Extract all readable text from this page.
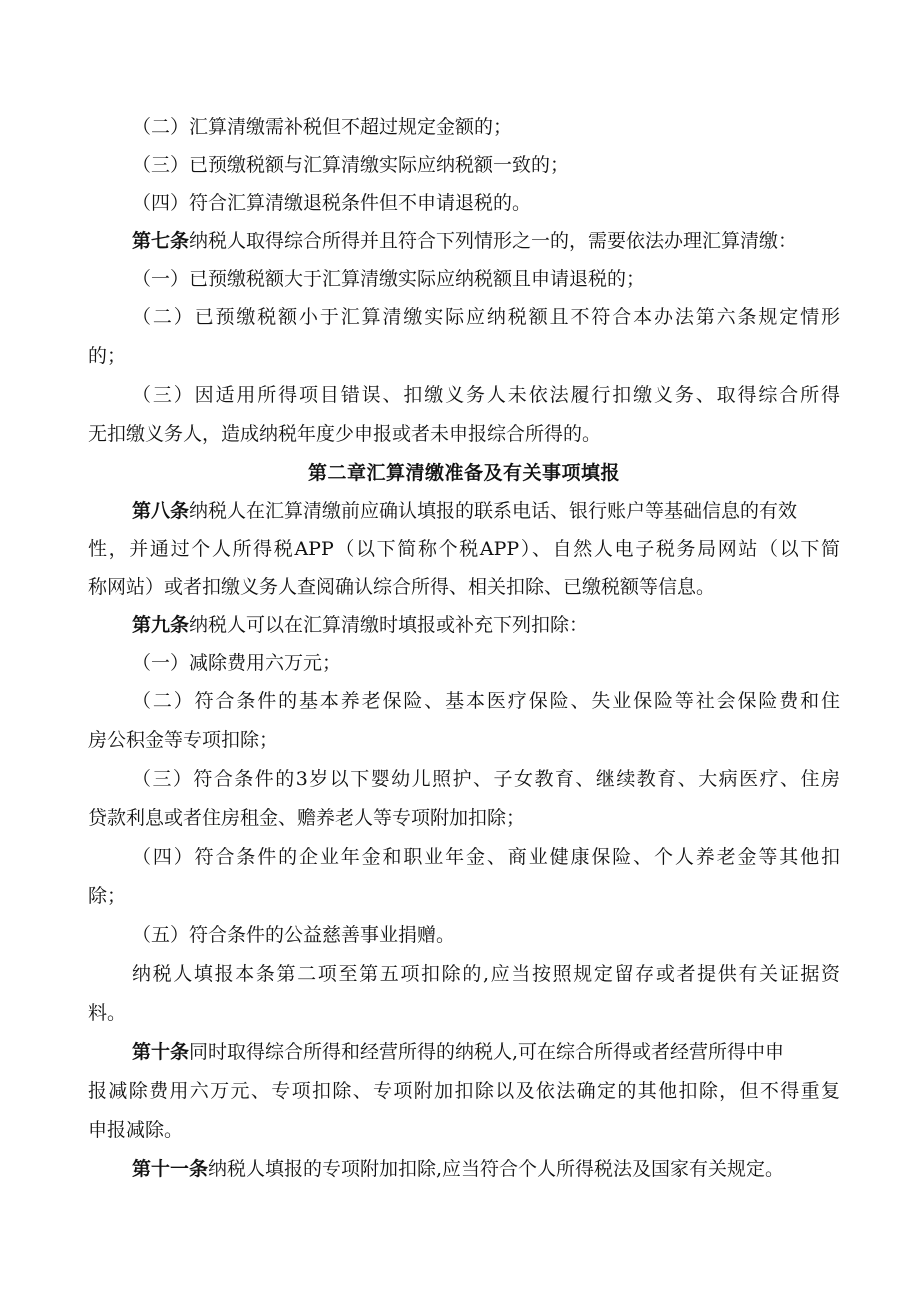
（二）汇算清缴需补税但不超过规定金额的；
（三）已预缴税额与汇算清缴实际应纳税额一致的；
（四）符合汇算清缴退税条件但不申请退税的。
第七条纳税人取得综合所得并且符合下列情形之一的，需要依法办理汇算清缴：
（一）已预缴税额大于汇算清缴实际应纳税额且申请退税的；
（二）已预缴税额小于汇算清缴实际应纳税额且不符合本办法第六条规定情形
的；
（三）因适用所得项目错误、扣缴义务人未依法履行扣缴义务、取得综合所得
无扣缴义务人，造成纳税年度少申报或者未申报综合所得的。
第二章汇算清缴准备及有关事项填报
第八条纳税人在汇算清缴前应确认填报的联系电话、银行账户等基础信息的有效
性，并通过个人所得税APP（以下简称个税APP）、自然人电子税务局网站（以下简
称网站）或者扣缴义务人查阅确认综合所得、相关扣除、已缴税额等信息。
第九条纳税人可以在汇算清缴时填报或补充下列扣除：
（一）减除费用六万元；
（二）符合条件的基本养老保险、基本医疗保险、失业保险等社会保险费和住
房公积金等专项扣除；
（三）符合条件的3岁以下婴幼儿照护、子女教育、继续教育、大病医疗、住房
贷款利息或者住房租金、赡养老人等专项附加扣除；
（四）符合条件的企业年金和职业年金、商业健康保险、个人养老金等其他扣
除；
（五）符合条件的公益慈善事业捐赠。
纳税人填报本条第二项至第五项扣除的,应当按照规定留存或者提供有关证据资
料。
第十条同时取得综合所得和经营所得的纳税人,可在综合所得或者经营所得中申
报减除费用六万元、专项扣除、专项附加扣除以及依法确定的其他扣除，但不得重复
申报减除。
第十一条纳税人填报的专项附加扣除,应当符合个人所得税法及国家有关规定。
